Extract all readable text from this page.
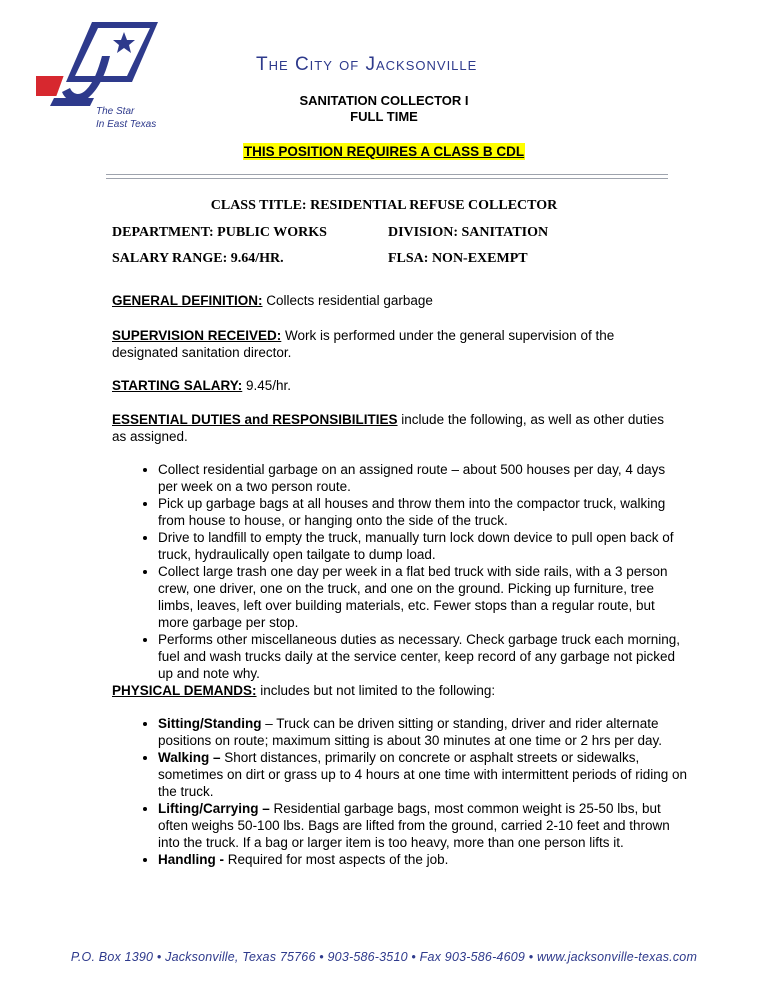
The Star
In East Texas
The City of Jacksonville
SANITATION COLLECTOR I
FULL TIME
THIS POSITION REQUIRES A CLASS B CDL
CLASS TITLE: RESIDENTIAL REFUSE COLLECTOR
DEPARTMENT: PUBLIC WORKS	DIVISION: SANITATION
SALARY RANGE: 9.64/HR.	FLSA: NON-EXEMPT
GENERAL DEFINITION: Collects residential garbage
SUPERVISION RECEIVED: Work is performed under the general supervision of the designated sanitation director.
STARTING SALARY: 9.45/hr.
ESSENTIAL DUTIES and RESPONSIBILITIES include the following, as well as other duties as assigned.
• Collect residential garbage on an assigned route – about 500 houses per day, 4 days per week on a two person route.
• Pick up garbage bags at all houses and throw them into the compactor truck, walking from house to house, or hanging onto the side of the truck.
• Drive to landfill to empty the truck, manually turn lock down device to pull open back of truck, hydraulically open tailgate to dump load.
• Collect large trash one day per week in a flat bed truck with side rails, with a 3 person crew, one driver, one on the truck, and one on the ground. Picking up furniture, tree limbs, leaves, left over building materials, etc. Fewer stops than a regular route, but more garbage per stop.
• Performs other miscellaneous duties as necessary. Check garbage truck each morning, fuel and wash trucks daily at the service center, keep record of any garbage not picked up and note why.
PHYSICAL DEMANDS: includes but not limited to the following:
• Sitting/Standing – Truck can be driven sitting or standing, driver and rider alternate positions on route; maximum sitting is about 30 minutes at one time or 2 hrs per day.
• Walking – Short distances, primarily on concrete or asphalt streets or sidewalks, sometimes on dirt or grass up to 4 hours at one time with intermittent periods of riding on the truck.
• Lifting/Carrying – Residential garbage bags, most common weight is 25-50 lbs, but often weighs 50-100 lbs. Bags are lifted from the ground, carried 2-10 feet and thrown into the truck. If a bag or larger item is too heavy, more than one person lifts it.
• Handling - Required for most aspects of the job.
P.O. Box 1390 • Jacksonville, Texas 75766 • 903-586-3510 • Fax 903-586-4609 • www.jacksonville-texas.com
